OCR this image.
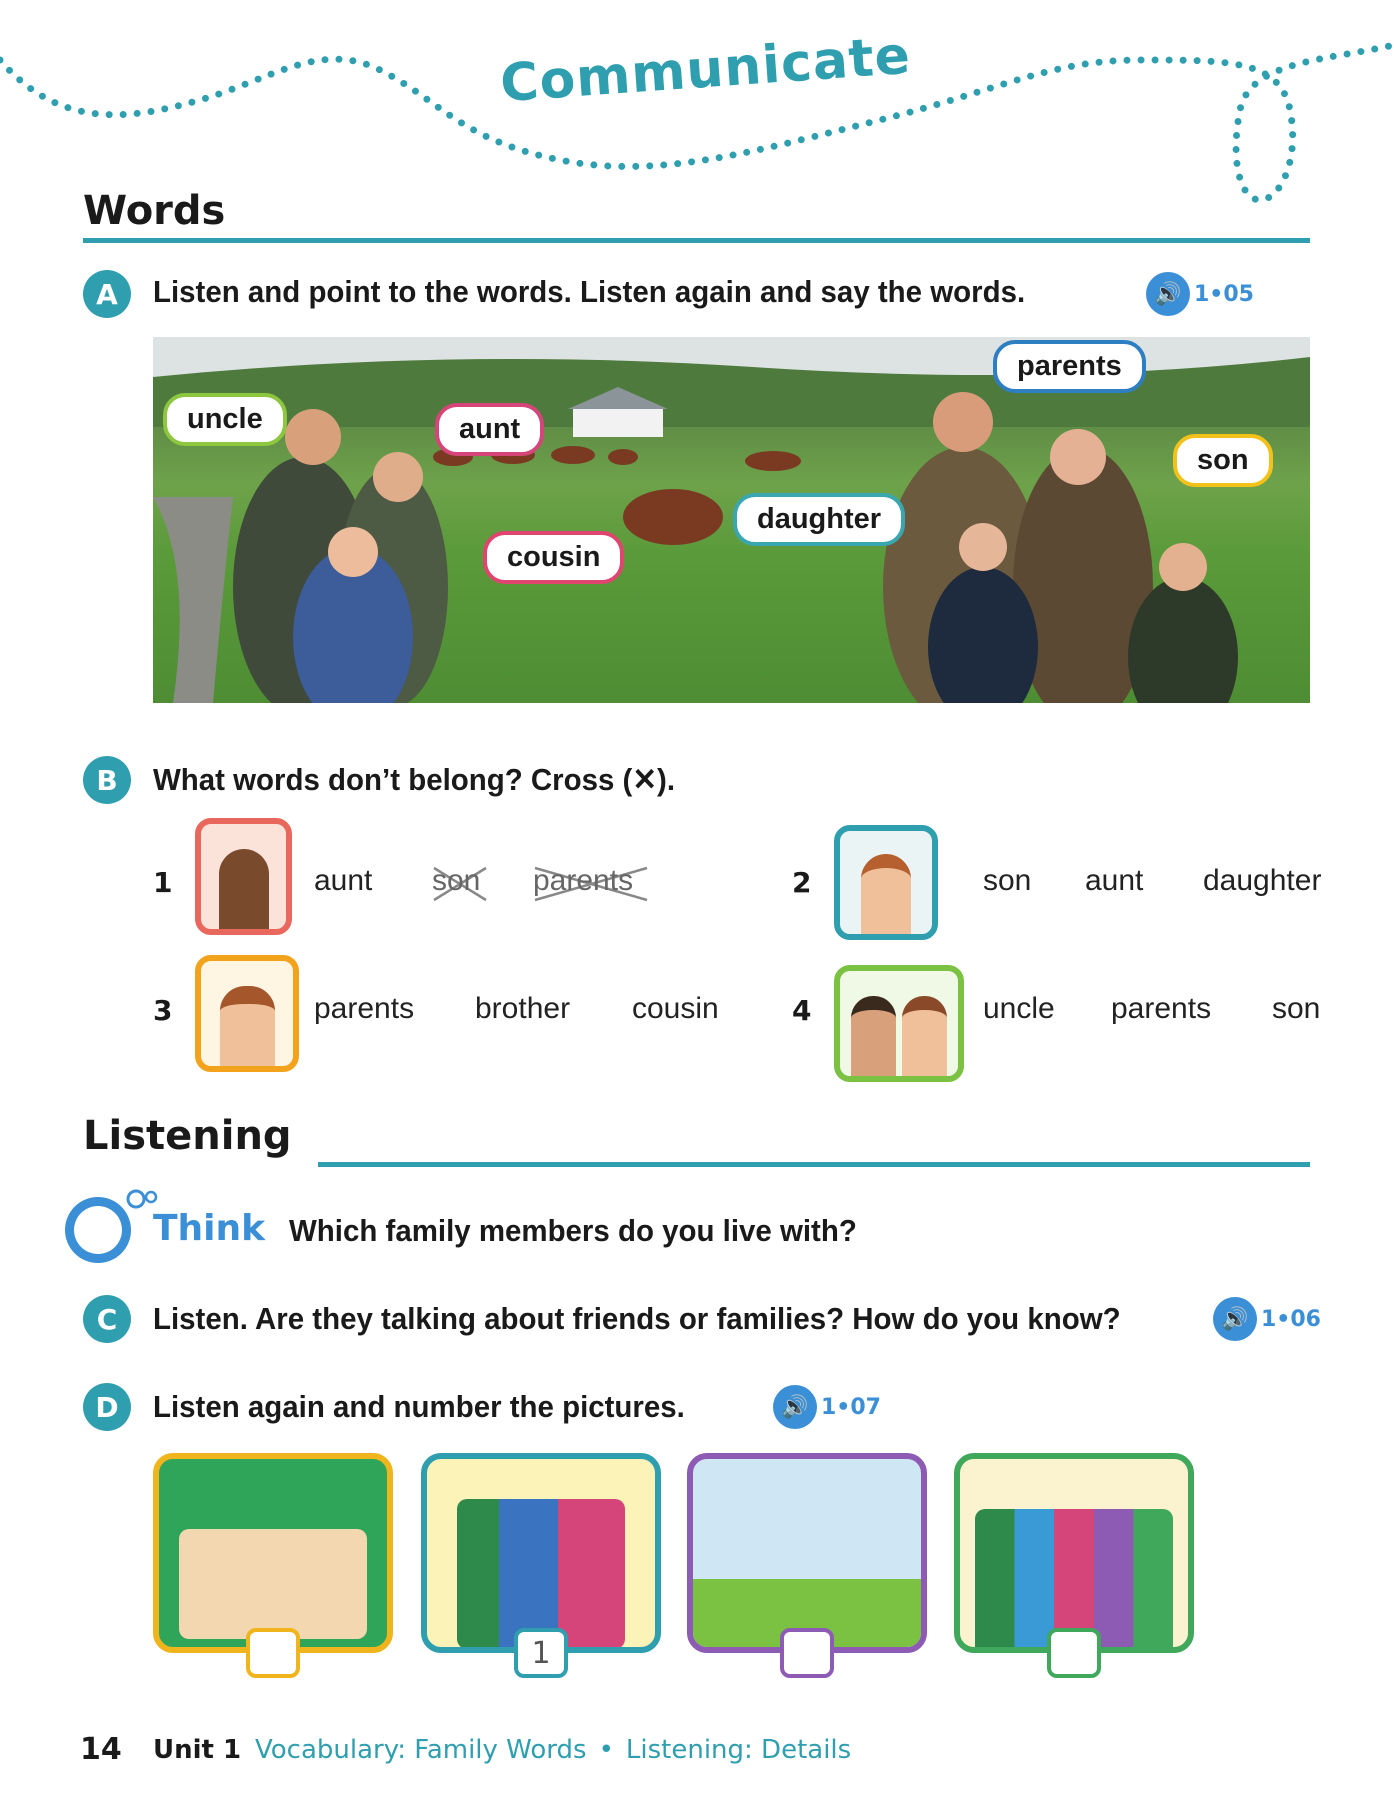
Communicate
Words
A	Listen and point to the words. Listen again and say the words.	🔊 1•05
uncle	aunt
cousin
daughter
parents
son
B	What words don’t belong? Cross (✕).
1	aunt son parents	2	son aunt daughter
3	parents brother cousin	4	uncle parents son
Listening
Think Which family members do you live with?
C	Listen. Are they talking about friends or families? How do you know?	🔊 1•06
D	Listen again and number the pictures.	🔊 1•07
1
14 Unit 1 Vocabulary: Family Words • Listening: Details
